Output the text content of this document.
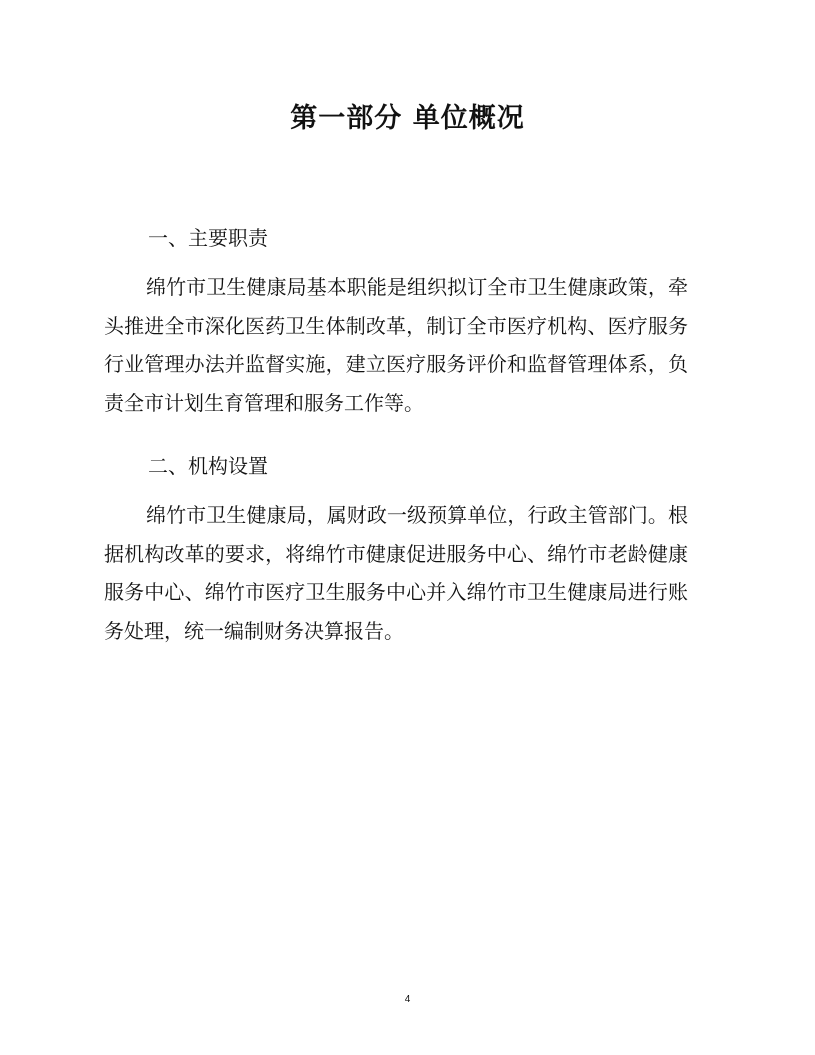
第一部分 单位概况
一、主要职责

绵竹市卫生健康局基本职能是组织拟订全市卫生健康政策，牵头推进全市深化医药卫生体制改革，制订全市医疗机构、医疗服务行业管理办法并监督实施，建立医疗服务评价和监督管理体系，负责全市计划生育管理和服务工作等。

二、机构设置

绵竹市卫生健康局，属财政一级预算单位，行政主管部门。根据机构改革的要求，将绵竹市健康促进服务中心、绵竹市老龄健康服务中心、绵竹市医疗卫生服务中心并入绵竹市卫生健康局进行账务处理，统一编制财务决算报告。

4
